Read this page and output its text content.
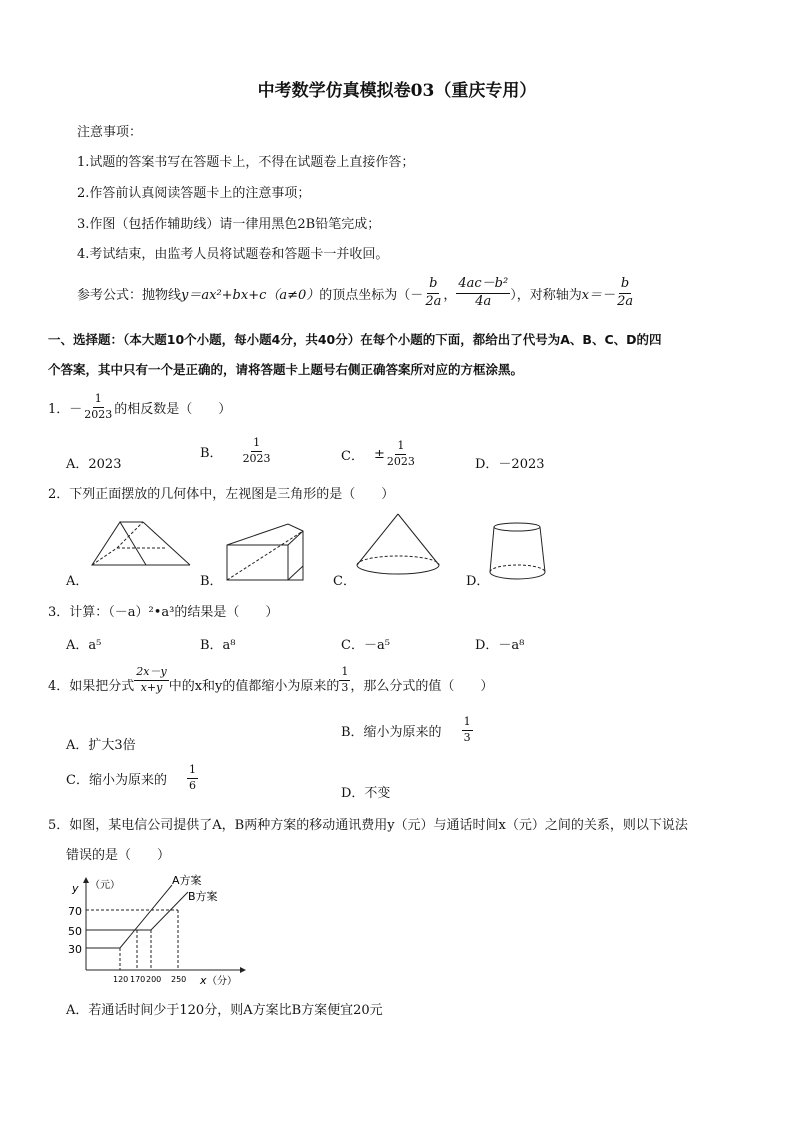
中考数学仿真模拟卷03（重庆专用）
注意事项：
1.试题的答案书写在答题卡上，不得在试题卷上直接作答；
2.作答前认真阅读答题卡上的注意事项；
3.作图（包括作辅助线）请一律用黑色2B铅笔完成；
4.考试结束，由监考人员将试题卷和答题卡一并收回。
参考公式：抛物线 y＝ax²+bx+c（a≠0） 的顶点坐标为（－ $\frac{b}{2a}$ ， $\frac{\text{4ac－b²}}{4a}$ ），对称轴为 $x=- \frac{b}{2a}$
一、选择题：（本大题10个小题，每小题4分，共40分）在每个小题的下面，都给出了代号为A、B、C、D的四
个答案，其中只有一个是正确的，请将答题卡上题号右侧正确答案所对应的方框涂黑。
1． － $\frac{1}{2023}$ 的相反数是（　　）
A．2023
B． $\frac{1}{2023}$	C． ± $\frac{1}{2023}$	D．－2023
2．下列正面摆放的几何体中，左视图是三角形的是（　　）
A．	B．	C．	D．
3．计算：（－a）²•a³的结果是（　　）
A．a⁵	B．a⁸	C．－a⁵	D．－a⁸
4．如果把分式 $\frac{2x-y}{x+y}$ 中的x和y的值都缩小为原来的 $\frac{1}{3}$ ，那么分式的值（　　）
A．扩大3倍
B．缩小为原来的 $\frac{1}{3}$
C．缩小为原来的 $\frac{1}{6}$
D．不变
5．如图，某电信公司提供了A，B两种方案的移动通讯费用y（元）与通话时间x（元）之间的关系，则以下说法
错误的是（　　）
y （元）
x （分）
70
50
30
A方案
B方案
120 170 200 250
A．若通话时间少于120分，则A方案比B方案便宜20元
